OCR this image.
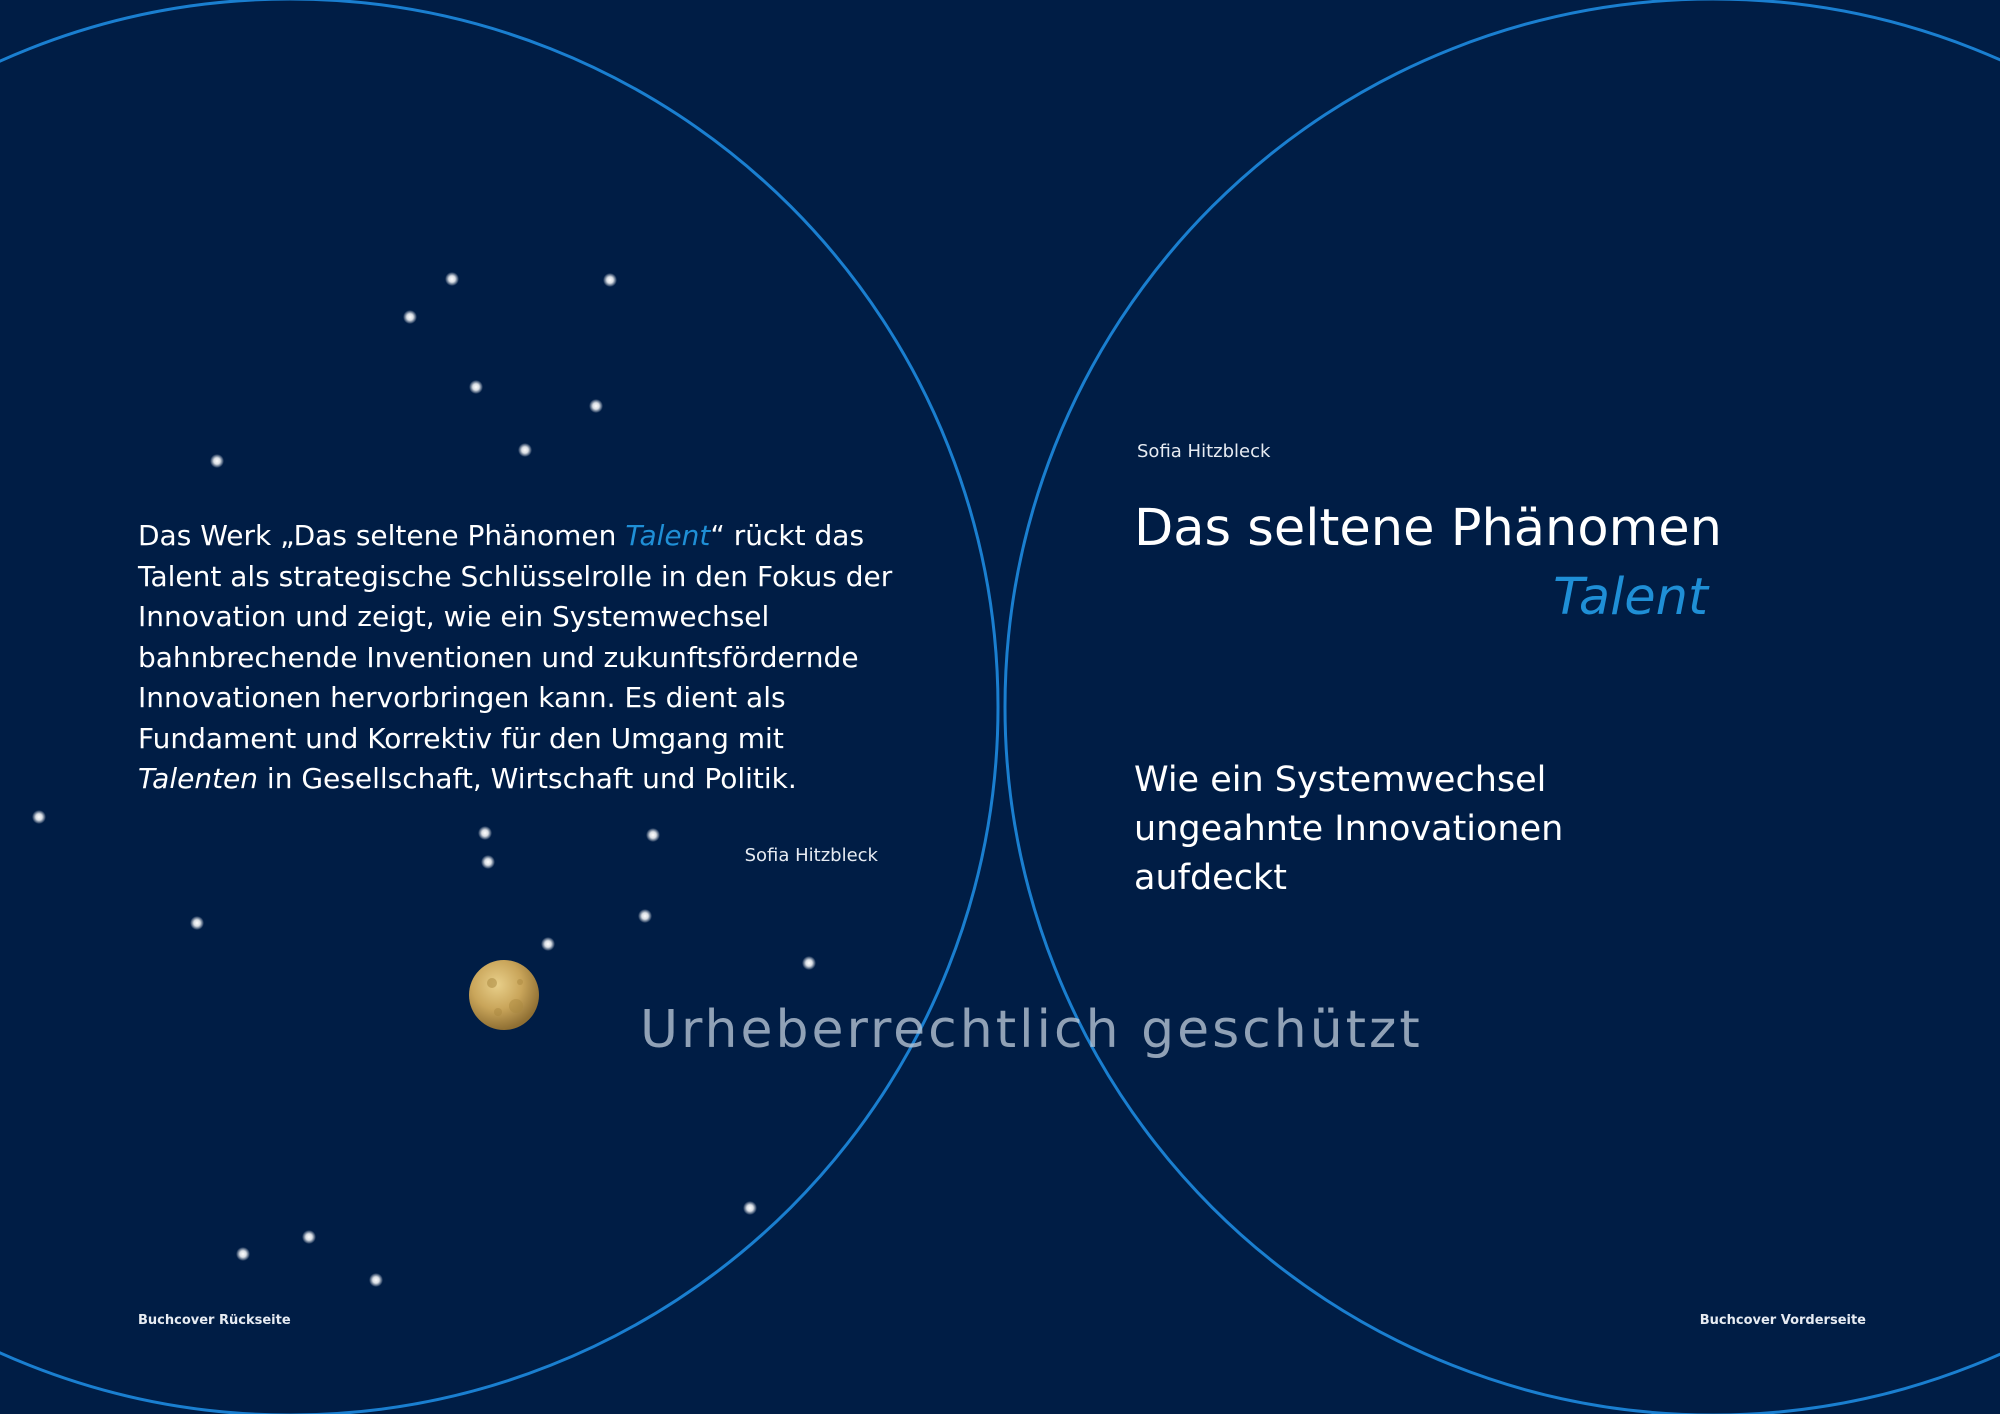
Das Werk „Das seltene Phänomen Talent“ rückt das Talent als strategische Schlüsselrolle in den Fokus der Innovation und zeigt, wie ein Systemwechsel bahnbrechende Inventionen und zukunftsfördernde Innovationen hervorbringen kann. Es dient als Fundament und Korrektiv für den Umgang mit Talenten in Gesellschaft, Wirtschaft und Politik.

Sofia Hitzbleck
Sofia Hitzbleck
Das seltene Phänomen
Talent
Wie ein Systemwechsel
ungeahnte Innovationen
aufdeckt
Urheberrechtlich geschützt
Buchcover Rückseite	Buchcover Vorderseite
